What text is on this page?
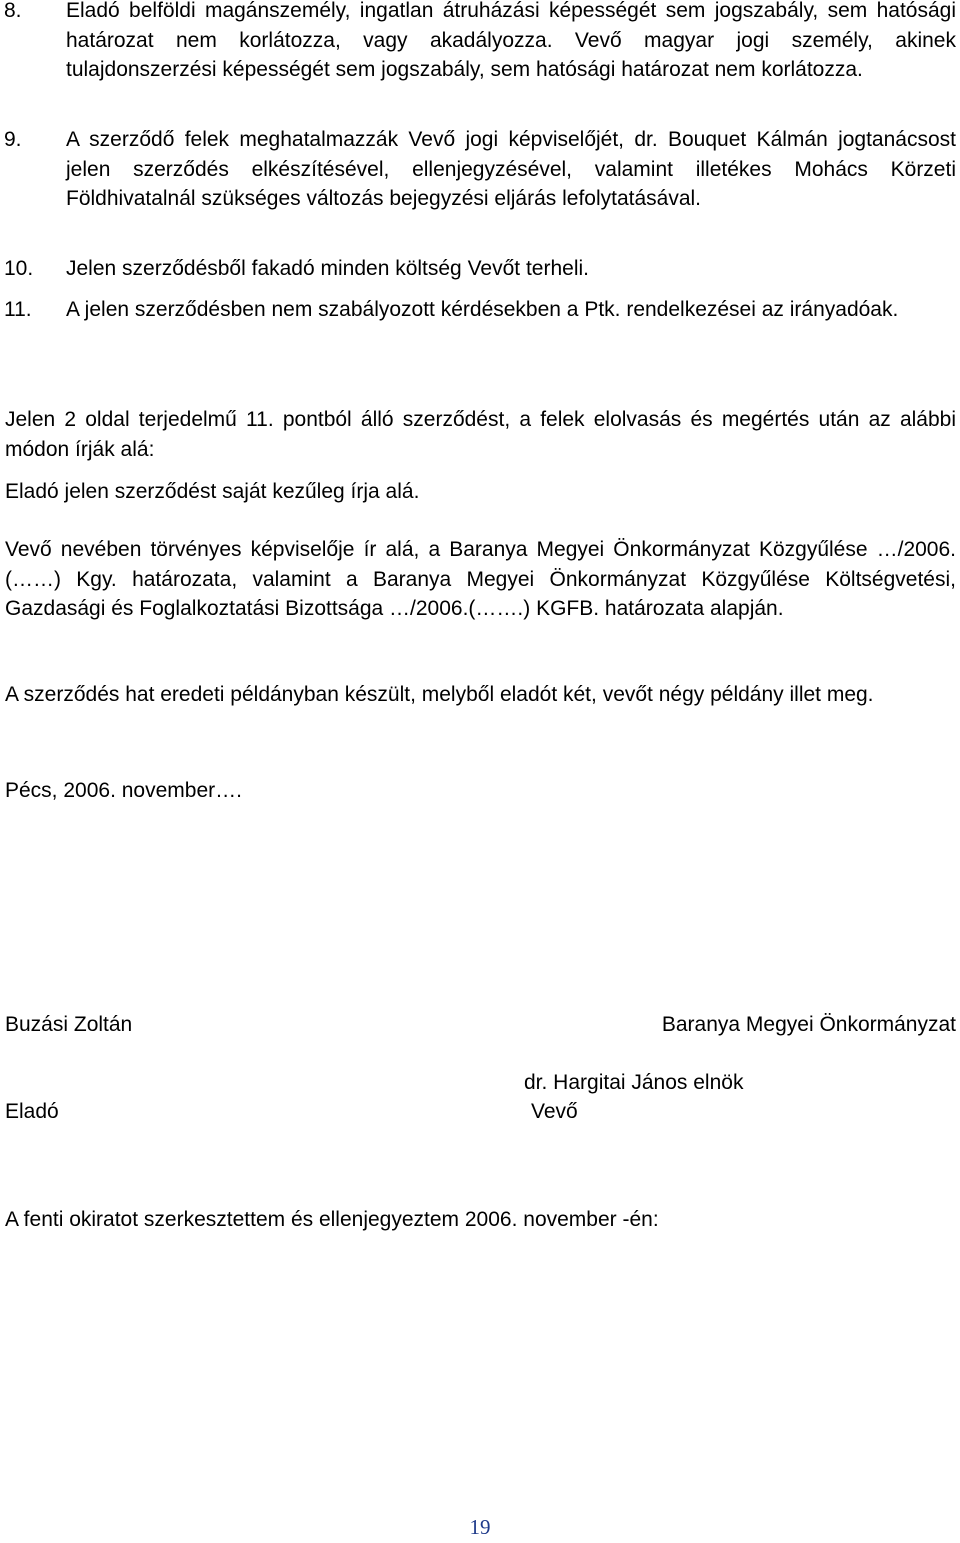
8. Eladó belföldi magánszemély, ingatlan átruházási képességét sem jogszabály, sem hatósági határozat nem korlátozza, vagy akadályozza. Vevő magyar jogi személy, akinek tulajdonszerzési képességét sem jogszabály, sem hatósági határozat nem korlátozza.
9. A szerződő felek meghatalmazzák Vevő jogi képviselőjét, dr. Bouquet Kálmán jogtanácsost jelen szerződés elkészítésével, ellenjegyzésével, valamint illetékes Mohács Körzeti Földhivatalnál szükséges változás bejegyzési eljárás lefolytatásával.
10. Jelen szerződésből fakadó minden költség Vevőt terheli.
11. A jelen szerződésben nem szabályozott kérdésekben a Ptk. rendelkezései az irányadóak.
Jelen 2 oldal terjedelmű 11. pontból álló szerződést, a felek elolvasás és megértés után az alábbi módon írják alá:
Eladó jelen szerződést saját kezűleg írja alá.
Vevő nevében törvényes képviselője ír alá, a Baranya Megyei Önkormányzat Közgyűlése …/2006.(……) Kgy. határozata, valamint a Baranya Megyei Önkormányzat Közgyűlése Költségvetési, Gazdasági és Foglalkoztatási Bizottsága …/2006.(…….) KGFB. határozata alapján.
A szerződés hat eredeti példányban készült, melyből eladót két, vevőt négy példány illet meg.
Pécs, 2006. november….
Buzási Zoltán	Baranya Megyei Önkormányzat
dr. Hargitai János elnök
Eladó	Vevő
A fenti okiratot szerkesztettem és ellenjegyeztem 2006. november -én:
19
